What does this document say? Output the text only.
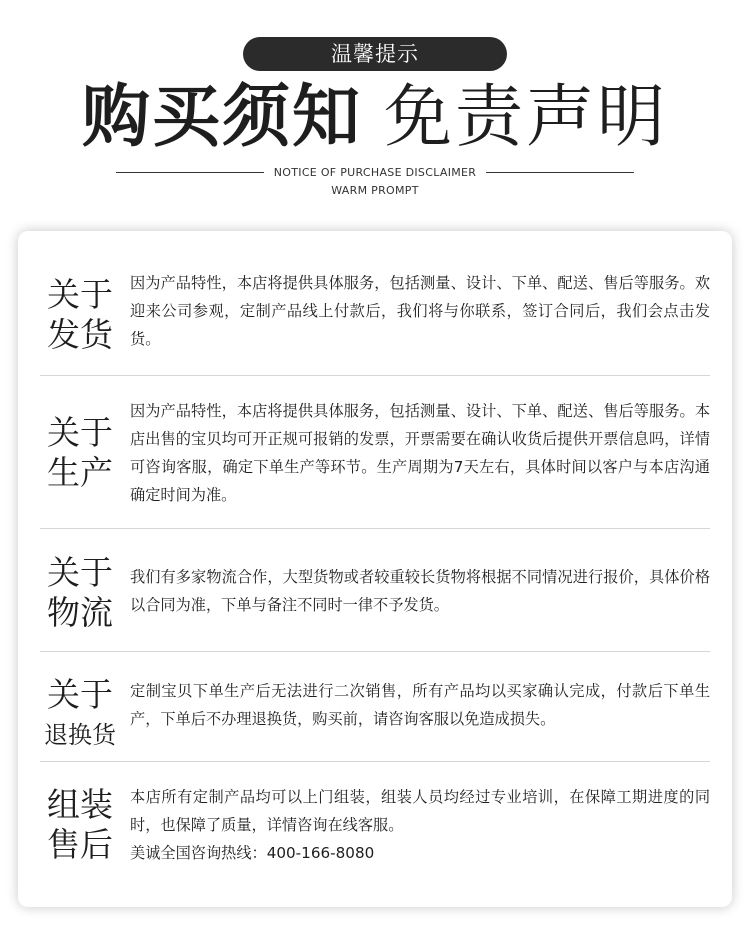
温馨提示
购买须知 免责声明
NOTICE OF PURCHASE DISCLAIMER
WARM PROMPT
关于
发货
因为产品特性，本店将提供具体服务，包括测量、设计、下单、配送、售后等服务。欢迎来公司参观，定制产品线上付款后，我们将与你联系，签订合同后，我们会点击发货。
关于
生产
因为产品特性，本店将提供具体服务，包括测量、设计、下单、配送、售后等服务。本店出售的宝贝均可开正规可报销的发票，开票需要在确认收货后提供开票信息吗，详情可咨询客服，确定下单生产等环节。生产周期为7天左右，具体时间以客户与本店沟通确定时间为准。
关于
物流
我们有多家物流合作，大型货物或者较重较长货物将根据不同情况进行报价，具体价格以合同为准，下单与备注不同时一律不予发货。
关于
退换货
定制宝贝下单生产后无法进行二次销售，所有产品均以买家确认完成，付款后下单生产，下单后不办理退换货，购买前，请咨询客服以免造成损失。
组装
售后

本店所有定制产品均可以上门组装，组装人员均经过专业培训，在保障工期进度的同时，也保障了质量，详情咨询在线客服。

美诚全国咨询热线：400-166-8080
